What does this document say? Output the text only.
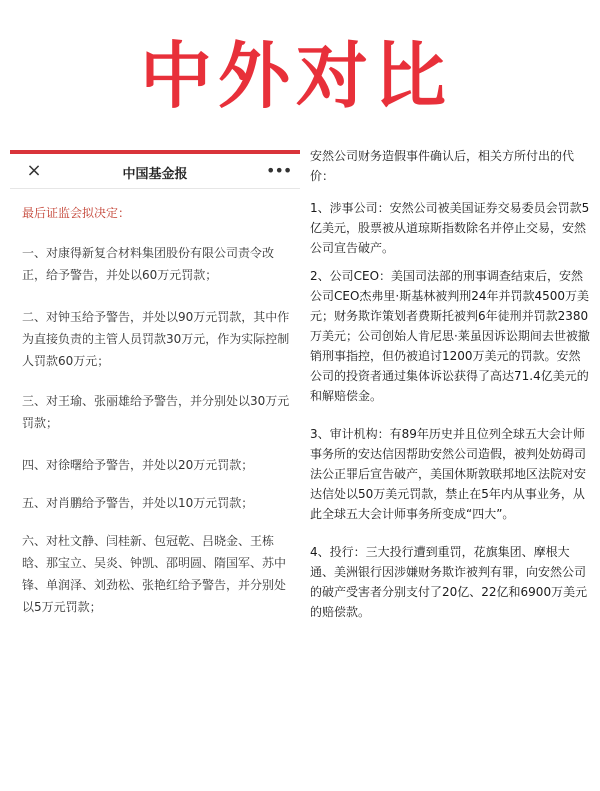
中外对比
×	中国基金报	•••
最后证监会拟决定：
一、对康得新复合材料集团股份有限公司责令改正，给予警告，并处以60万元罚款；
二、对钟玉给予警告，并处以90万元罚款，其中作为直接负责的主管人员罚款30万元，作为实际控制人罚款60万元；
三、对王瑜、张丽雄给予警告，并分别处以30万元罚款；
四、对徐曙给予警告，并处以20万元罚款；
五、对肖鹏给予警告，并处以10万元罚款；
六、对杜文静、闫桂新、包冠乾、吕晓金、王栋晗、那宝立、吴炎、钟凯、邵明圆、隋国军、苏中锋、单润泽、刘劲松、张艳红给予警告，并分别处以5万元罚款；
安然公司财务造假事件确认后，相关方所付出的代价：
1、涉事公司：安然公司被美国证券交易委员会罚款5亿美元，股票被从道琼斯指数除名并停止交易，安然公司宣告破产。
2、公司CEO：美国司法部的刑事调查结束后，安然公司CEO杰弗里·斯基林被判刑24年并罚款4500万美元；财务欺诈策划者费斯托被判6年徒刑并罚款2380万美元；公司创始人肯尼思·莱虽因诉讼期间去世被撤销刑事指控，但仍被追讨1200万美元的罚款。安然公司的投资者通过集体诉讼获得了高达71.4亿美元的和解赔偿金。
3、审计机构：有89年历史并且位列全球五大会计师事务所的安达信因帮助安然公司造假，被判处妨碍司法公正罪后宣告破产，美国休斯敦联邦地区法院对安达信处以50万美元罚款，禁止在5年内从事业务，从此全球五大会计师事务所变成“四大”。
4、投行：三大投行遭到重罚，花旗集团、摩根大通、美洲银行因涉嫌财务欺诈被判有罪，向安然公司的破产受害者分别支付了20亿、22亿和6900万美元的赔偿款。
